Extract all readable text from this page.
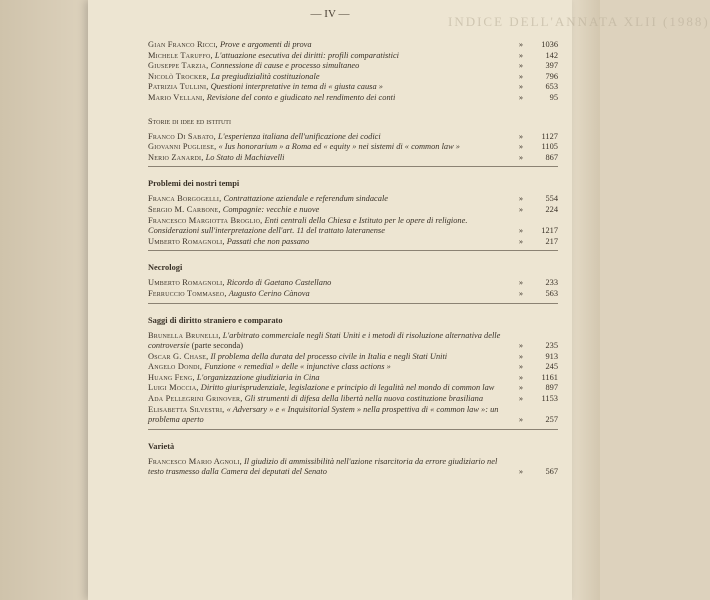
INDICE DELL'ANNATA XLII (1988)
— IV —
Gian Franco Ricci, Prove e argomenti di prova	»	1036
Michele Taruffo, L'attuazione esecutiva dei diritti: profili comparatistici	»	142
Giuseppe Tarzia, Connessione di cause e processo simultaneo	»	397
Nicolò Trocker, La pregiudizialità costituzionale	»	796
Patrizia Tullini, Questioni interpretative in tema di « giusta causa »	»	653
Mario Vellani, Revisione del conto e giudicato nel rendimento dei conti	»	95
Storie di idee ed istituti
Franco Di Sabato, L'esperienza italiana dell'unificazione dei codici	»	1127
Giovanni Pugliese, « Ius honorarium » a Roma ed « equity » nei sistemi di « common law »	»	1105
Nerio Zanardi, Lo Stato di Machiavelli	»	867
Problemi dei nostri tempi
Franca Borgogelli, Contrattazione aziendale e referendum sindacale	»	554
Sergio M. Carbone, Compagnie: vecchie e nuove	»	224
Francesco Margiotta Broglio, Enti centrali della Chiesa e Istituto per le opere di religione. Considerazioni sull'interpretazione dell'art. 11 del trattato lateranense	»	1217
Umberto Romagnoli, Passati che non passano	»	217
Necrologi
Umberto Romagnoli, Ricordo di Gaetano Castellano	»	233
Ferruccio Tommaseo, Augusto Cerino Cànova	»	563
Saggi di diritto straniero e comparato
Brunella Brunelli, L'arbitrato commerciale negli Stati Uniti e i metodi di risoluzione alternativa delle controversie (parte seconda)	»	235
Oscar G. Chase, Il problema della durata del processo civile in Italia e negli Stati Uniti	»	913
Angelo Dondi, Funzione « remedial » delle « injunctive class actions »	»	245
Huang Feng, L'organizzazione giudiziaria in Cina	»	1161
Luigi Moccia, Diritto giurisprudenziale, legislazione e principio di legalità nel mondo di common law	»	897
Ada Pellegrini Grinover, Gli strumenti di difesa della libertà nella nuova costituzione brasiliana	»	1153
Elisabetta Silvestri, « Adversary » e « Inquisitorial System » nella prospettiva di « common law »: un problema aperto	»	257
Varietà
Francesco Mario Agnoli, Il giudizio di ammissibilità nell'azione risarcitoria da errore giudiziario nel testo trasmesso dalla Camera dei deputati del Senato	»	567
